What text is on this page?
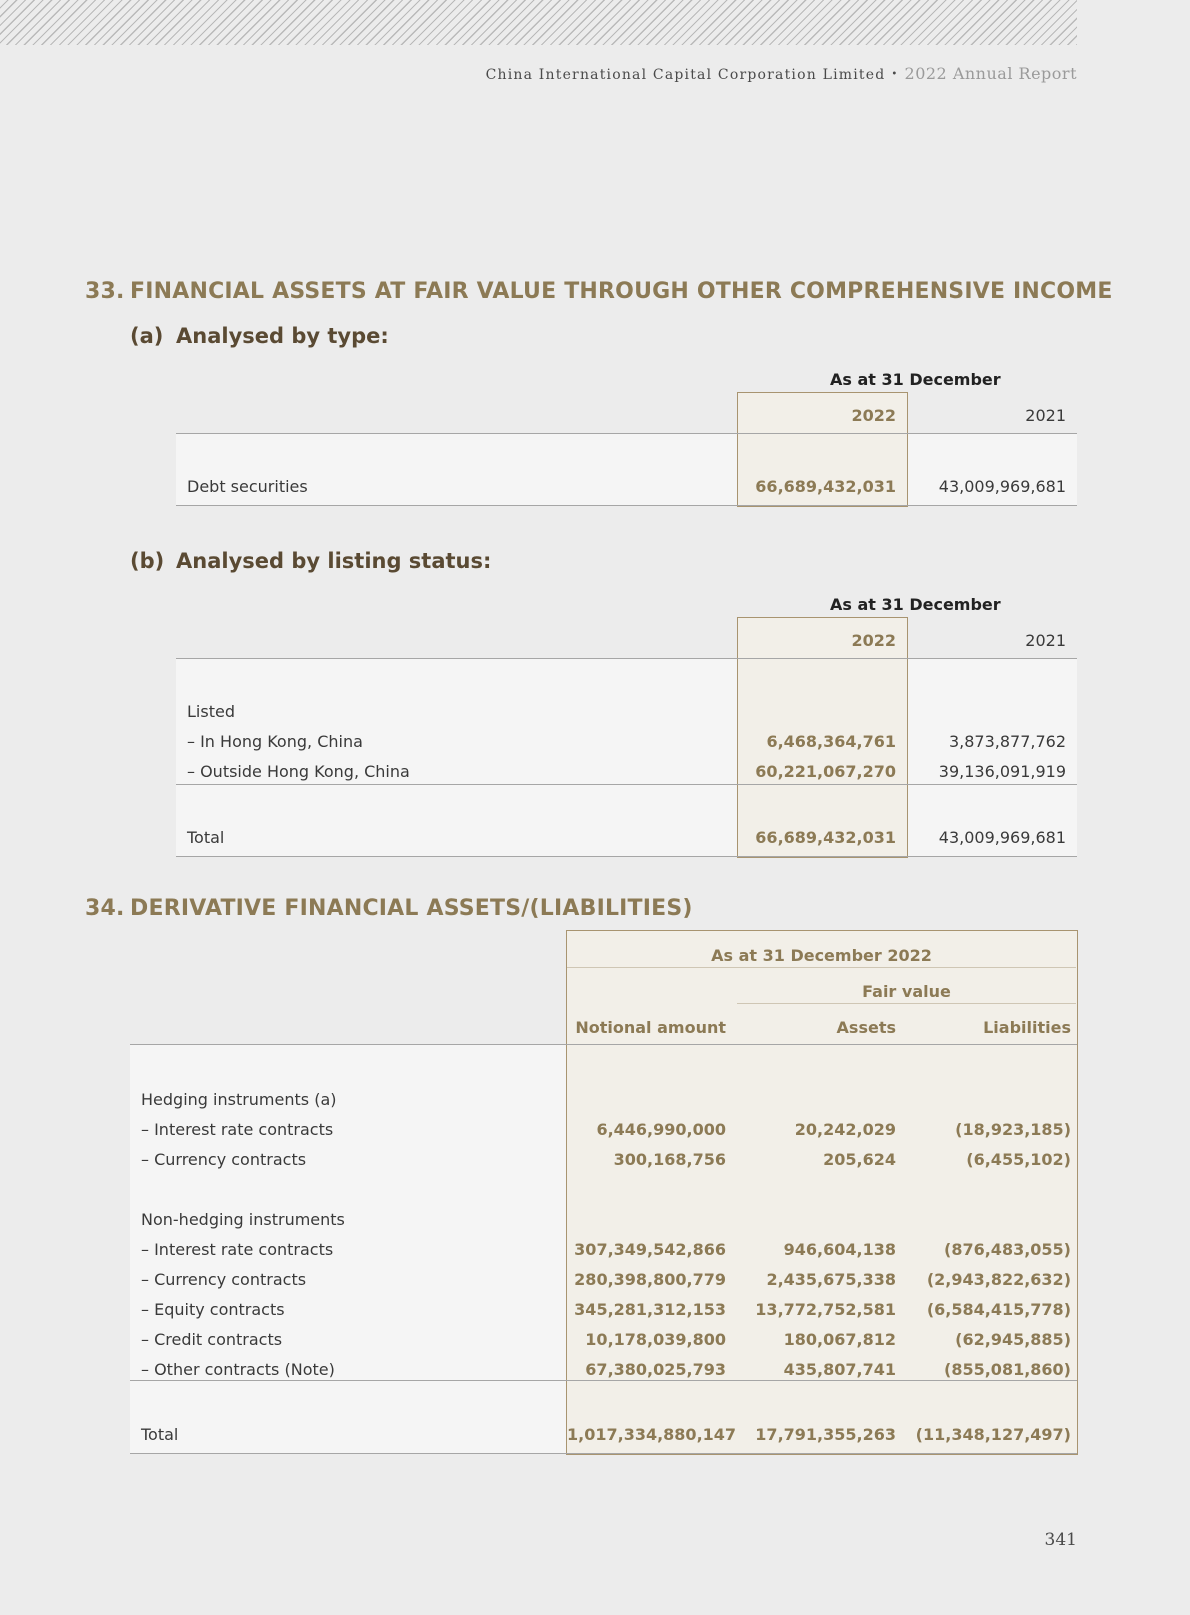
China International Capital Corporation Limited • 2022 Annual Report
33. FINANCIAL ASSETS AT FAIR VALUE THROUGH OTHER COMPREHENSIVE INCOME
(a) Analysed by type:
As at 31 December
2022	2021
Debt securities	66,689,432,031	43,009,969,681
(b) Analysed by listing status:
As at 31 December
2022	2021
Listed
– In Hong Kong, China	6,468,364,761	3,873,877,762
– Outside Hong Kong, China	60,221,067,270	39,136,091,919
Total	66,689,432,031	43,009,969,681
34. DERIVATIVE FINANCIAL ASSETS/(LIABILITIES)
As at 31 December 2022
Fair value
Notional amount	Assets	Liabilities
Hedging instruments (a)
– Interest rate contracts	6,446,990,000	20,242,029	(18,923,185)
– Currency contracts	300,168,756	205,624	(6,455,102)
Non-hedging instruments
– Interest rate contracts	307,349,542,866	946,604,138	(876,483,055)
– Currency contracts	280,398,800,779	2,435,675,338	(2,943,822,632)
– Equity contracts	345,281,312,153	13,772,752,581	(6,584,415,778)
– Credit contracts	10,178,039,800	180,067,812	(62,945,885)
– Other contracts (Note)	67,380,025,793	435,807,741	(855,081,860)
Total	1,017,334,880,147	17,791,355,263	(11,348,127,497)
341
